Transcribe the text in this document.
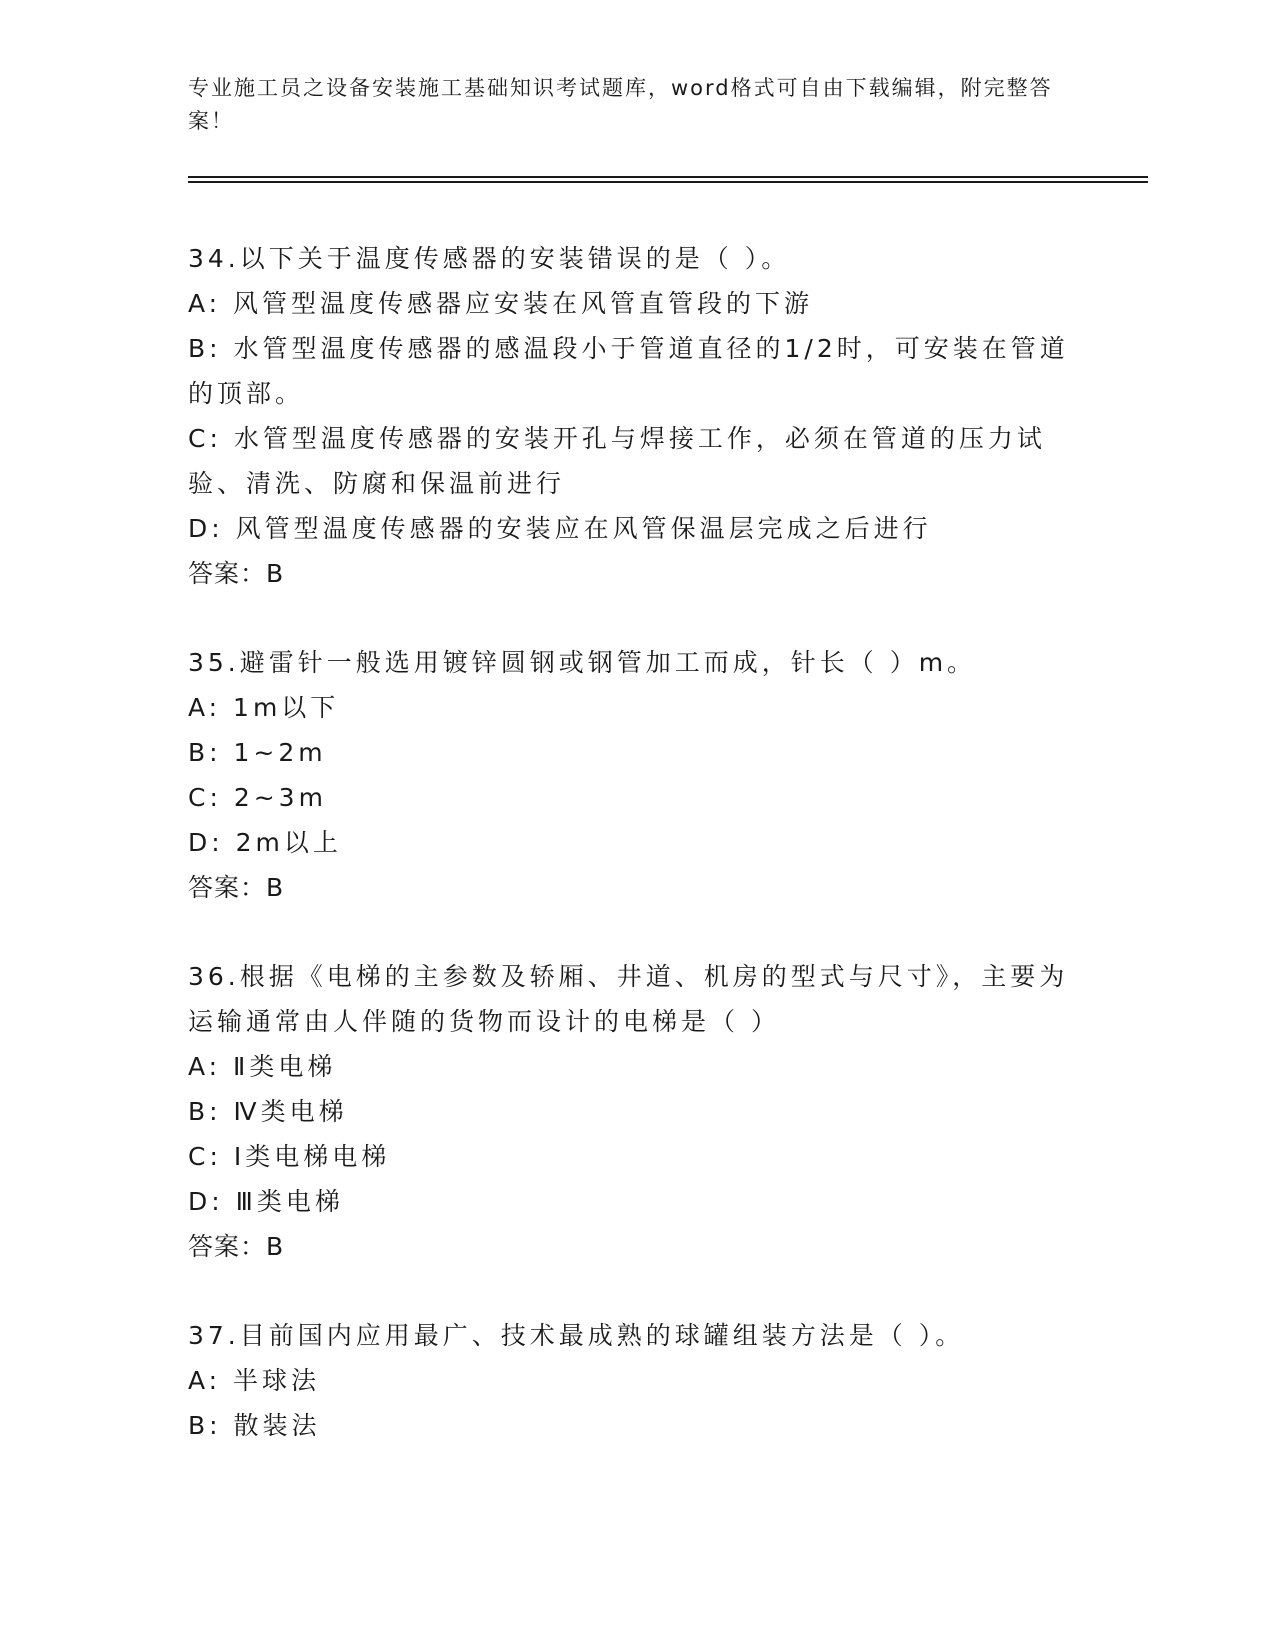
专业施工员之设备安装施工基础知识考试题库，word格式可自由下载编辑，附完整答案！
34.以下关于温度传感器的安装错误的是（ ）。
A: 风管型温度传感器应安装在风管直管段的下游
B: 水管型温度传感器的感温段小于管道直径的1/2时，可安装在管道的顶部。
C: 水管型温度传感器的安装开孔与焊接工作，必须在管道的压力试验、清洗、防腐和保温前进行
D: 风管型温度传感器的安装应在风管保温层完成之后进行
答案：B
35.避雷针一般选用镀锌圆钢或钢管加工而成，针长（ ）m。
A: 1m以下
B: 1~2m
C: 2~3m
D: 2m以上
答案：B
36.根据《电梯的主参数及轿厢、井道、机房的型式与尺寸》，主要为运输通常由人伴随的货物而设计的电梯是（ ）
A: Ⅱ类电梯
B: Ⅳ类电梯
C: Ⅰ类电梯电梯
D: Ⅲ类电梯
答案：B
37.目前国内应用最广、技术最成熟的球罐组装方法是（ ）。
A: 半球法
B: 散装法
